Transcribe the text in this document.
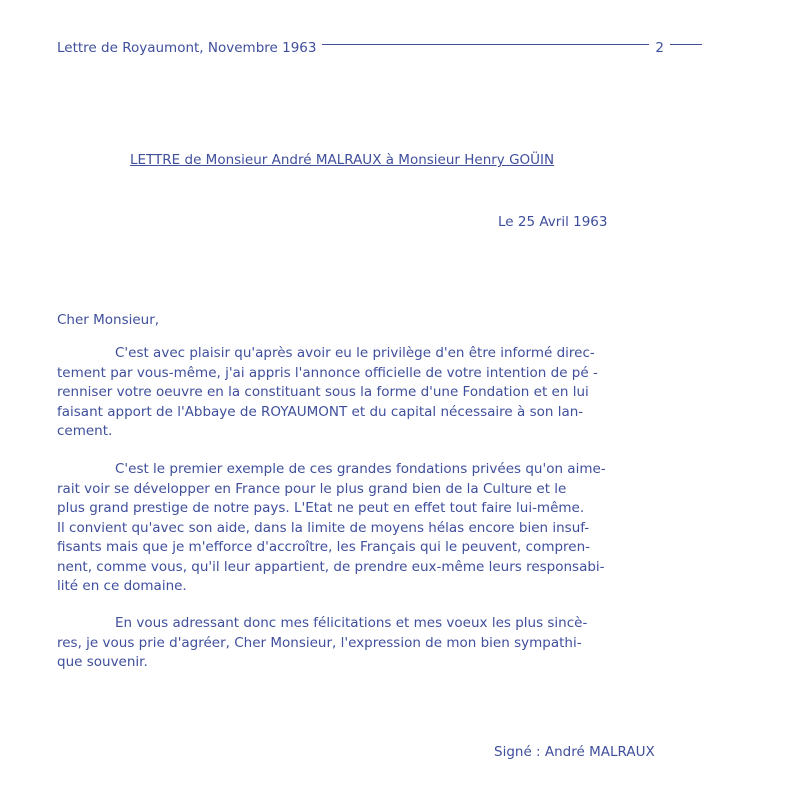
Lettre de Royaumont, Novembre 1963	2
LETTRE de Monsieur André MALRAUX à Monsieur Henry GOÜIN
Le 25 Avril 1963
Cher Monsieur,
C'est avec plaisir qu'après avoir eu le privilège d'en être informé direc-
tement par vous-même, j'ai appris l'annonce officielle de votre intention de pé -
renniser votre oeuvre en la constituant sous la forme d'une Fondation et en lui
faisant apport de l'Abbaye de ROYAUMONT et du capital nécessaire à son lan-
cement.
C'est le premier exemple de ces grandes fondations privées qu'on aime-
rait voir se développer en France pour le plus grand bien de la Culture et le
plus grand prestige de notre pays. L'Etat ne peut en effet tout faire lui-même.
Il convient qu'avec son aide, dans la limite de moyens hélas encore bien insuf-
fisants mais que je m'efforce d'accroître, les Français qui le peuvent, compren-
nent, comme vous, qu'il leur appartient, de prendre eux-même leurs responsabi-
lité en ce domaine.
En vous adressant donc mes félicitations et mes voeux les plus sincè-
res, je vous prie d'agréer, Cher Monsieur, l'expression de mon bien sympathi-
que souvenir.
Signé : André MALRAUX
